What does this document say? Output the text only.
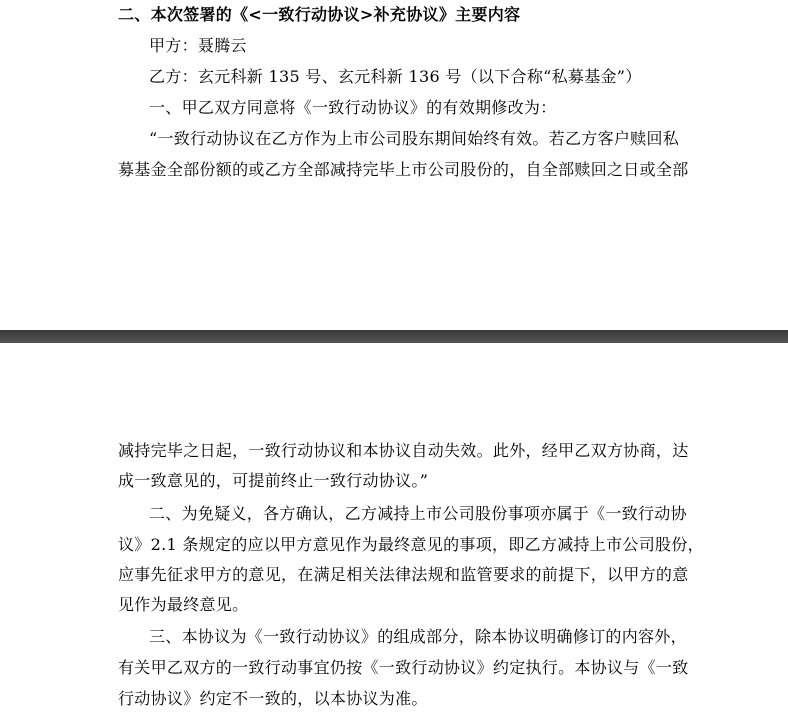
二、本次签署的《<一致行动协议>补充协议》主要内容
甲方：聂腾云
乙方：玄元科新 135 号、玄元科新 136 号（以下合称“私募基金”）
一、甲乙双方同意将《一致行动协议》的有效期修改为：
“一致行动协议在乙方作为上市公司股东期间始终有效。若乙方客户赎回私
募基金全部份额的或乙方全部减持完毕上市公司股份的，自全部赎回之日或全部
减持完毕之日起，一致行动协议和本协议自动失效。此外，经甲乙双方协商，达
成一致意见的，可提前终止一致行动协议。”
二、为免疑义，各方确认，乙方减持上市公司股份事项亦属于《一致行动协
议》2.1 条规定的应以甲方意见作为最终意见的事项，即乙方减持上市公司股份，
应事先征求甲方的意见，在满足相关法律法规和监管要求的前提下，以甲方的意
见作为最终意见。
三、本协议为《一致行动协议》的组成部分，除本协议明确修订的内容外，
有关甲乙双方的一致行动事宜仍按《一致行动协议》约定执行。本协议与《一致
行动协议》约定不一致的，以本协议为准。
